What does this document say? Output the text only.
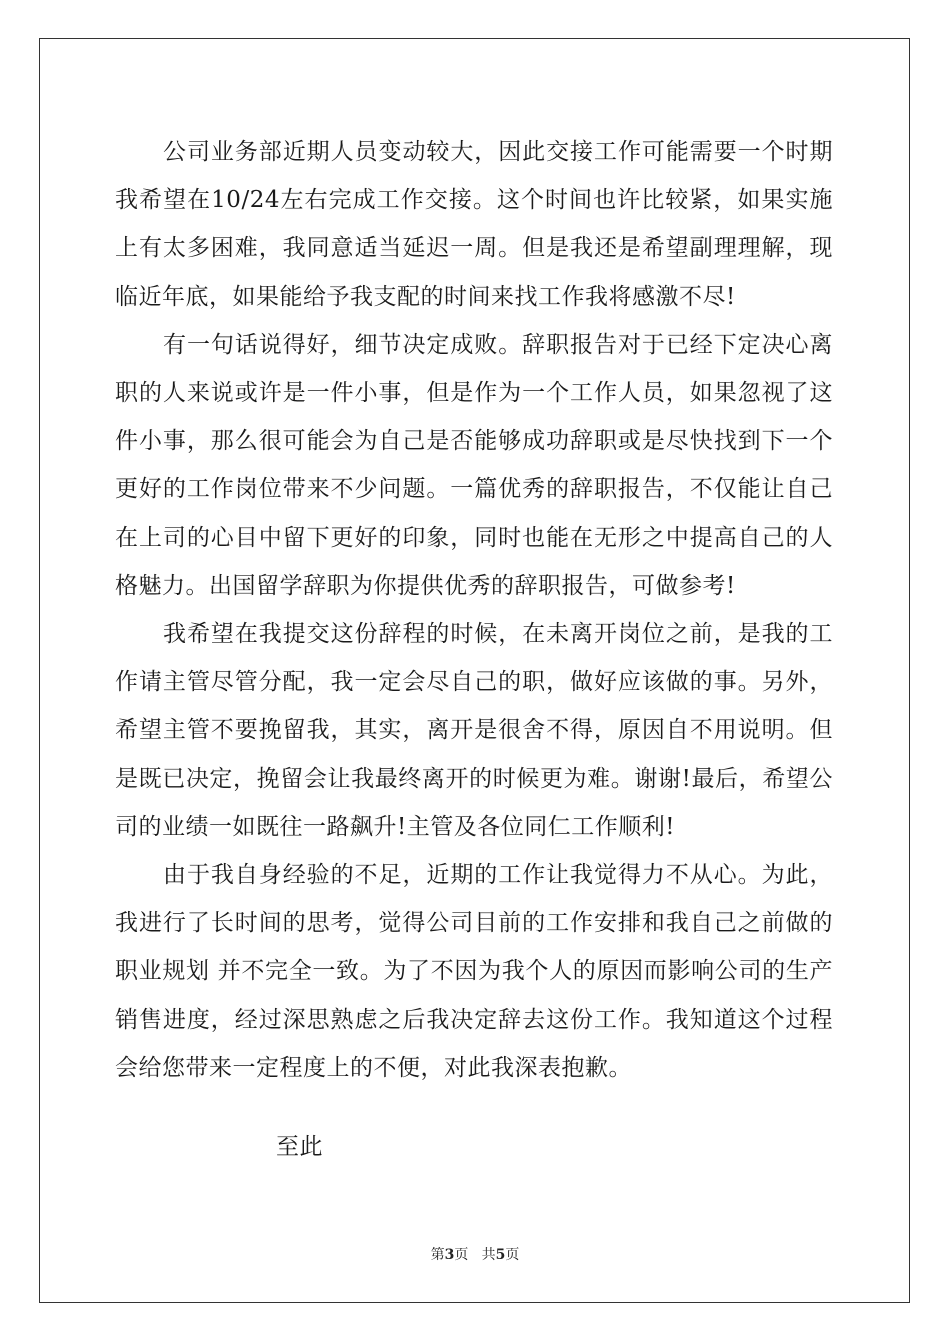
公司业务部近期人员变动较大，因此交接工作可能需要一个时期我希望在10/24左右完成工作交接。这个时间也许比较紧，如果实施上有太多困难，我同意适当延迟一周。但是我还是希望副理理解，现临近年底，如果能给予我支配的时间来找工作我将感激不尽!

有一句话说得好，细节决定成败。辞职报告对于已经下定决心离职的人来说或许是一件小事，但是作为一个工作人员，如果忽视了这件小事，那么很可能会为自己是否能够成功辞职或是尽快找到下一个更好的工作岗位带来不少问题。一篇优秀的辞职报告，不仅能让自己在上司的心目中留下更好的印象，同时也能在无形之中提高自己的人格魅力。出国留学辞职为你提供优秀的辞职报告，可做参考!

我希望在我提交这份辞程的时候，在未离开岗位之前，是我的工作请主管尽管分配，我一定会尽自己的职，做好应该做的事。另外，希望主管不要挽留我，其实，离开是很舍不得，原因自不用说明。但是既已决定，挽留会让我最终离开的时候更为难。谢谢!最后，希望公司的业绩一如既往一路飙升!主管及各位同仁工作顺利!

由于我自身经验的不足，近期的工作让我觉得力不从心。为此，我进行了长时间的思考，觉得公司目前的工作安排和我自己之前做的职业规划 并不完全一致。为了不因为我个人的原因而影响公司的生产销售进度，经过深思熟虑之后我决定辞去这份工作。我知道这个过程会给您带来一定程度上的不便，对此我深表抱歉。

至此
第3页 共5页
